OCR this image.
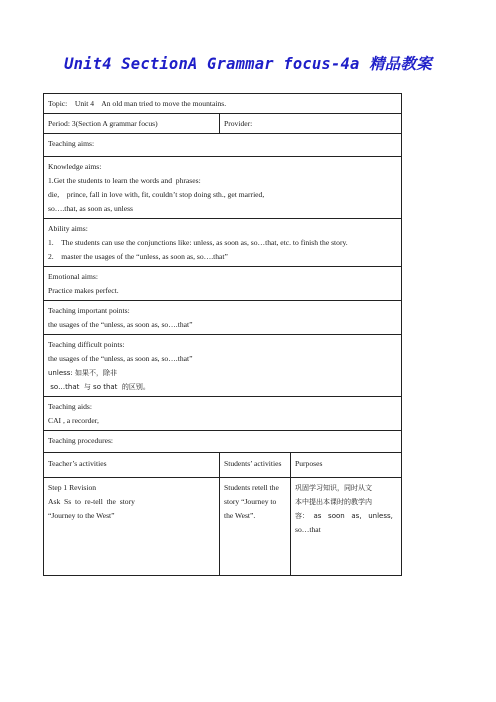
Unit4 SectionA Grammar focus-4a 精品教案
Topic:    Unit 4    An old man tried to move the mountains.		

Period: 3(Section A grammar focus)	Provider:	

Teaching aims:		

Knowledge aims:
1.Get the students to learn the words and  phrases:
die,    prince, fall in love with, fit, couldn’t stop doing sth., get married,
so….that, as soon as, unless		

Ability aims:
1.    The students can use the conjunctions like: unless, as soon as, so…that, etc. to finish the story.
2.    master the usages of the “unless, as soon as, so….that”		

Emotional aims:
Practice makes perfect.		

Teaching important points:
the usages of the “unless, as soon as, so….that”		

Teaching difficult points:
the usages of the “unless, as soon as, so….that”
unless: 如果不，除非
so…that  与 so that  的区别。		

Teaching aids:
CAI , a recorder,		

Teaching procedures:		

Teacher’s activities	Students’ activities	Purposes

Step 1 Revision
Ask  Ss  to  re-tell  the  story
“Journey to the West”	Students retell the story “Journey to the West”.	巩固学习知识，同时从文
本中提出本课时的教学内
容：  as   soon   as,   unless,
so…that
